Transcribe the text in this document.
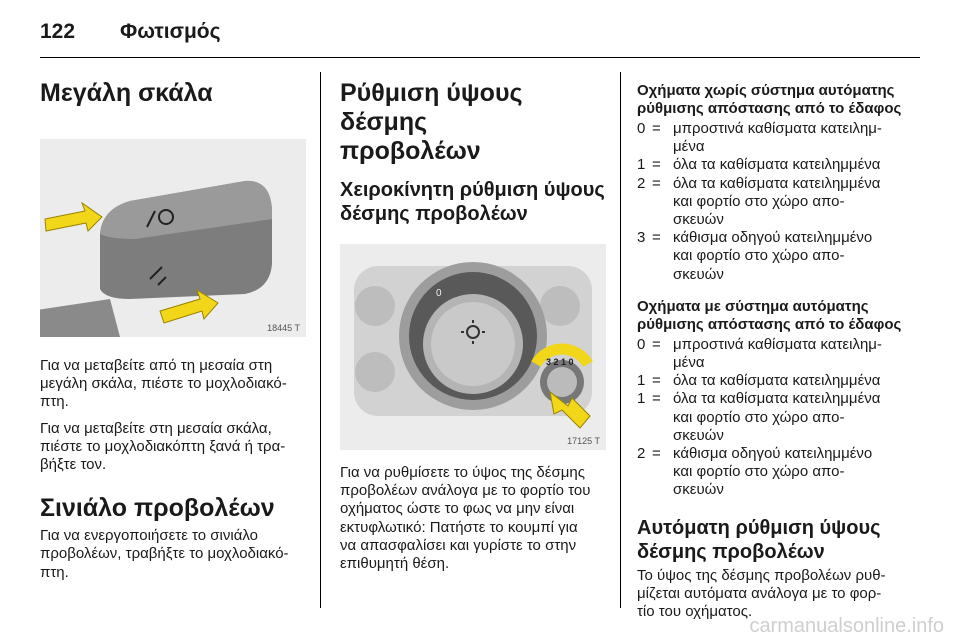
122 Φωτισμός
Μεγάλη σκάλα
18445 T

Για να μεταβείτε από τη μεσαία στη

μεγάλη σκάλα, πιέστε το μοχλοδιακό-

πτη.

Για να μεταβείτε στη μεσαία σκάλα,

πιέστε το μοχλοδιακόπτη ξανά ή τρα-

βήξτε τον.

Σινιάλο προβολέων

Για να ενεργοποιήσετε το σινιάλο

προβολέων, τραβήξτε το μοχλοδιακό-

πτη.

Ρύθμιση ύψους δέσμης
προβολέων
Χειροκίνητη ρύθμιση ύψους
δέσμης προβολέων
0
3 2 1 0
17125 T

Για να ρυθμίσετε το ύψος της δέσμης

προβολέων ανάλογα με το φορτίο του

οχήματος ώστε το φως να μην είναι

εκτυφλωτικό: Πατήστε το κουμπί για

να απασφαλίσει και γυρίστε το στην

επιθυμητή θέση.

Οχήματα χωρίς σύστημα αυτόματης
ρύθμισης απόστασης από το έδαφος
0 = μπροστινά καθίσματα κατειλημ-
μένα
1 = όλα τα καθίσματα κατειλημμένα
2 = όλα τα καθίσματα κατειλημμένα
και φορτίο στο χώρο απο-
σκευών
3 = κάθισμα οδηγού κατειλημμένο
και φορτίο στο χώρο απο-
σκευών
Οχήματα με σύστημα αυτόματης
ρύθμισης απόστασης από το έδαφος
0 = μπροστινά καθίσματα κατειλημ-
μένα
1 = όλα τα καθίσματα κατειλημμένα
1 = όλα τα καθίσματα κατειλημμένα
και φορτίο στο χώρο απο-
σκευών
2 = κάθισμα οδηγού κατειλημμένο
και φορτίο στο χώρο απο-
σκευών
Αυτόματη ρύθμιση ύψους
δέσμης προβολέων

Το ύψος της δέσμης προβολέων ρυθ-

μίζεται αυτόματα ανάλογα με το φορ-

τίο του οχήματος.

carmanualsonline.info
